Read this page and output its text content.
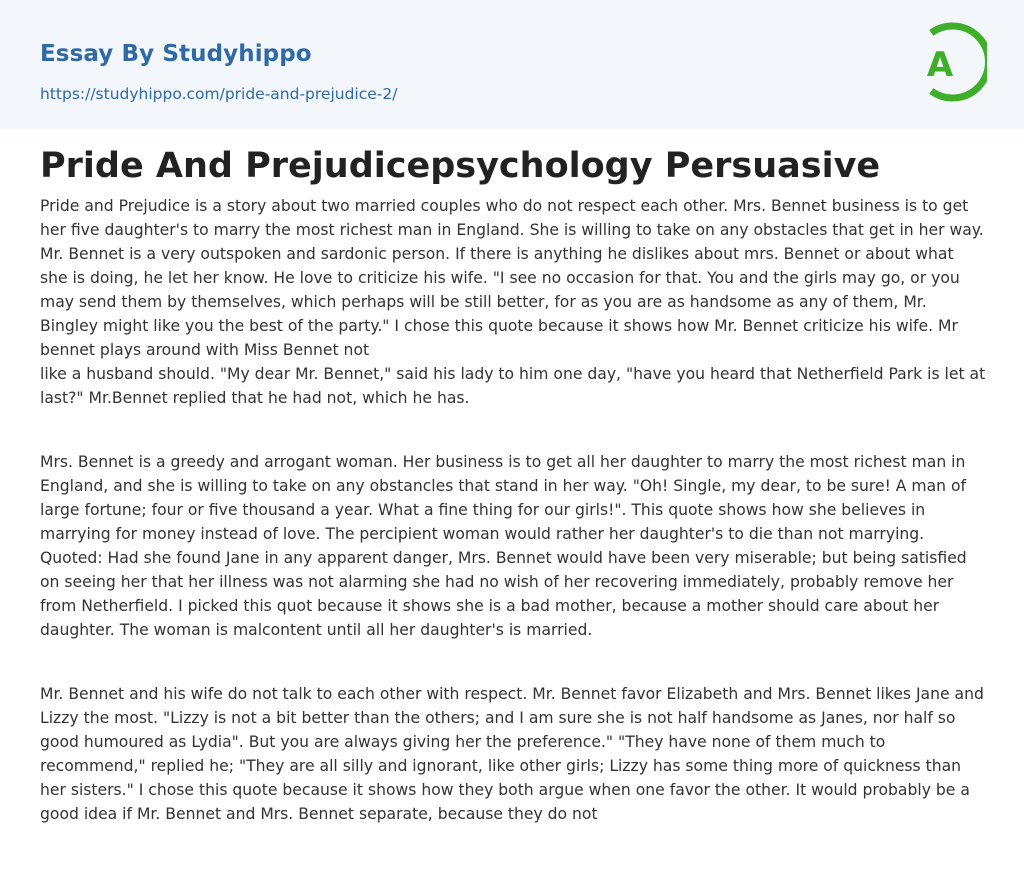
Essay By Studyhippo
https://studyhippo.com/pride-and-prejudice-2/
A
Pride And Prejudicepsychology Persuasive

Pride and Prejudice is a story about two married couples who do not respect each other. Mrs. Bennet business is to get her five daughter's to marry the most richest man in England. She is willing to take on any obstacles that get in her way. Mr. Bennet is a very outspoken and sardonic person. If there is anything he dislikes about mrs. Bennet or about what she is doing, he let her know. He love to criticize his wife. "I see no occasion for that. You and the girls may go, or you may send them by themselves, which perhaps will be still better, for as you are as handsome as any of them, Mr. Bingley might like you the best of the party." I chose this quote because it shows how Mr. Bennet criticize his wife. Mr bennet plays around with Miss Bennet not
like a husband should. "My dear Mr. Bennet," said his lady to him one day, "have you heard that Netherfield Park is let at last?" Mr.Bennet replied that he had not, which he has.

Mrs. Bennet is a greedy and arrogant woman. Her business is to get all her daughter to marry the most richest man in England, and she is willing to take on any obstancles that stand in her way. "Oh! Single, my dear, to be sure! A man of large fortune; four or five thousand a year. What a fine thing for our girls!". This quote shows how she believes in marrying for money instead of love. The percipient woman would rather her daughter's to die than not marrying. Quoted: Had she found Jane in any apparent danger, Mrs. Bennet would have been very miserable; but being satisfied on seeing her that her illness was not alarming she had no wish of her recovering immediately, probably remove her from Netherfield. I picked this quot because it shows she is a bad mother, because a mother should care about her daughter. The woman is malcontent until all her daughter's is married.

Mr. Bennet and his wife do not talk to each other with respect. Mr. Bennet favor Elizabeth and Mrs. Bennet likes Jane and Lizzy the most. "Lizzy is not a bit better than the others; and I am sure she is not half handsome as Janes, nor half so good humoured as Lydia". But you are always giving her the preference." "They have none of them much to recommend," replied he; "They are all silly and ignorant, like other girls; Lizzy has some thing more of quickness than her sisters." I chose this quote because it shows how they both argue when one favor the other. It would probably be a good idea if Mr. Bennet and Mrs. Bennet separate, because they do not
